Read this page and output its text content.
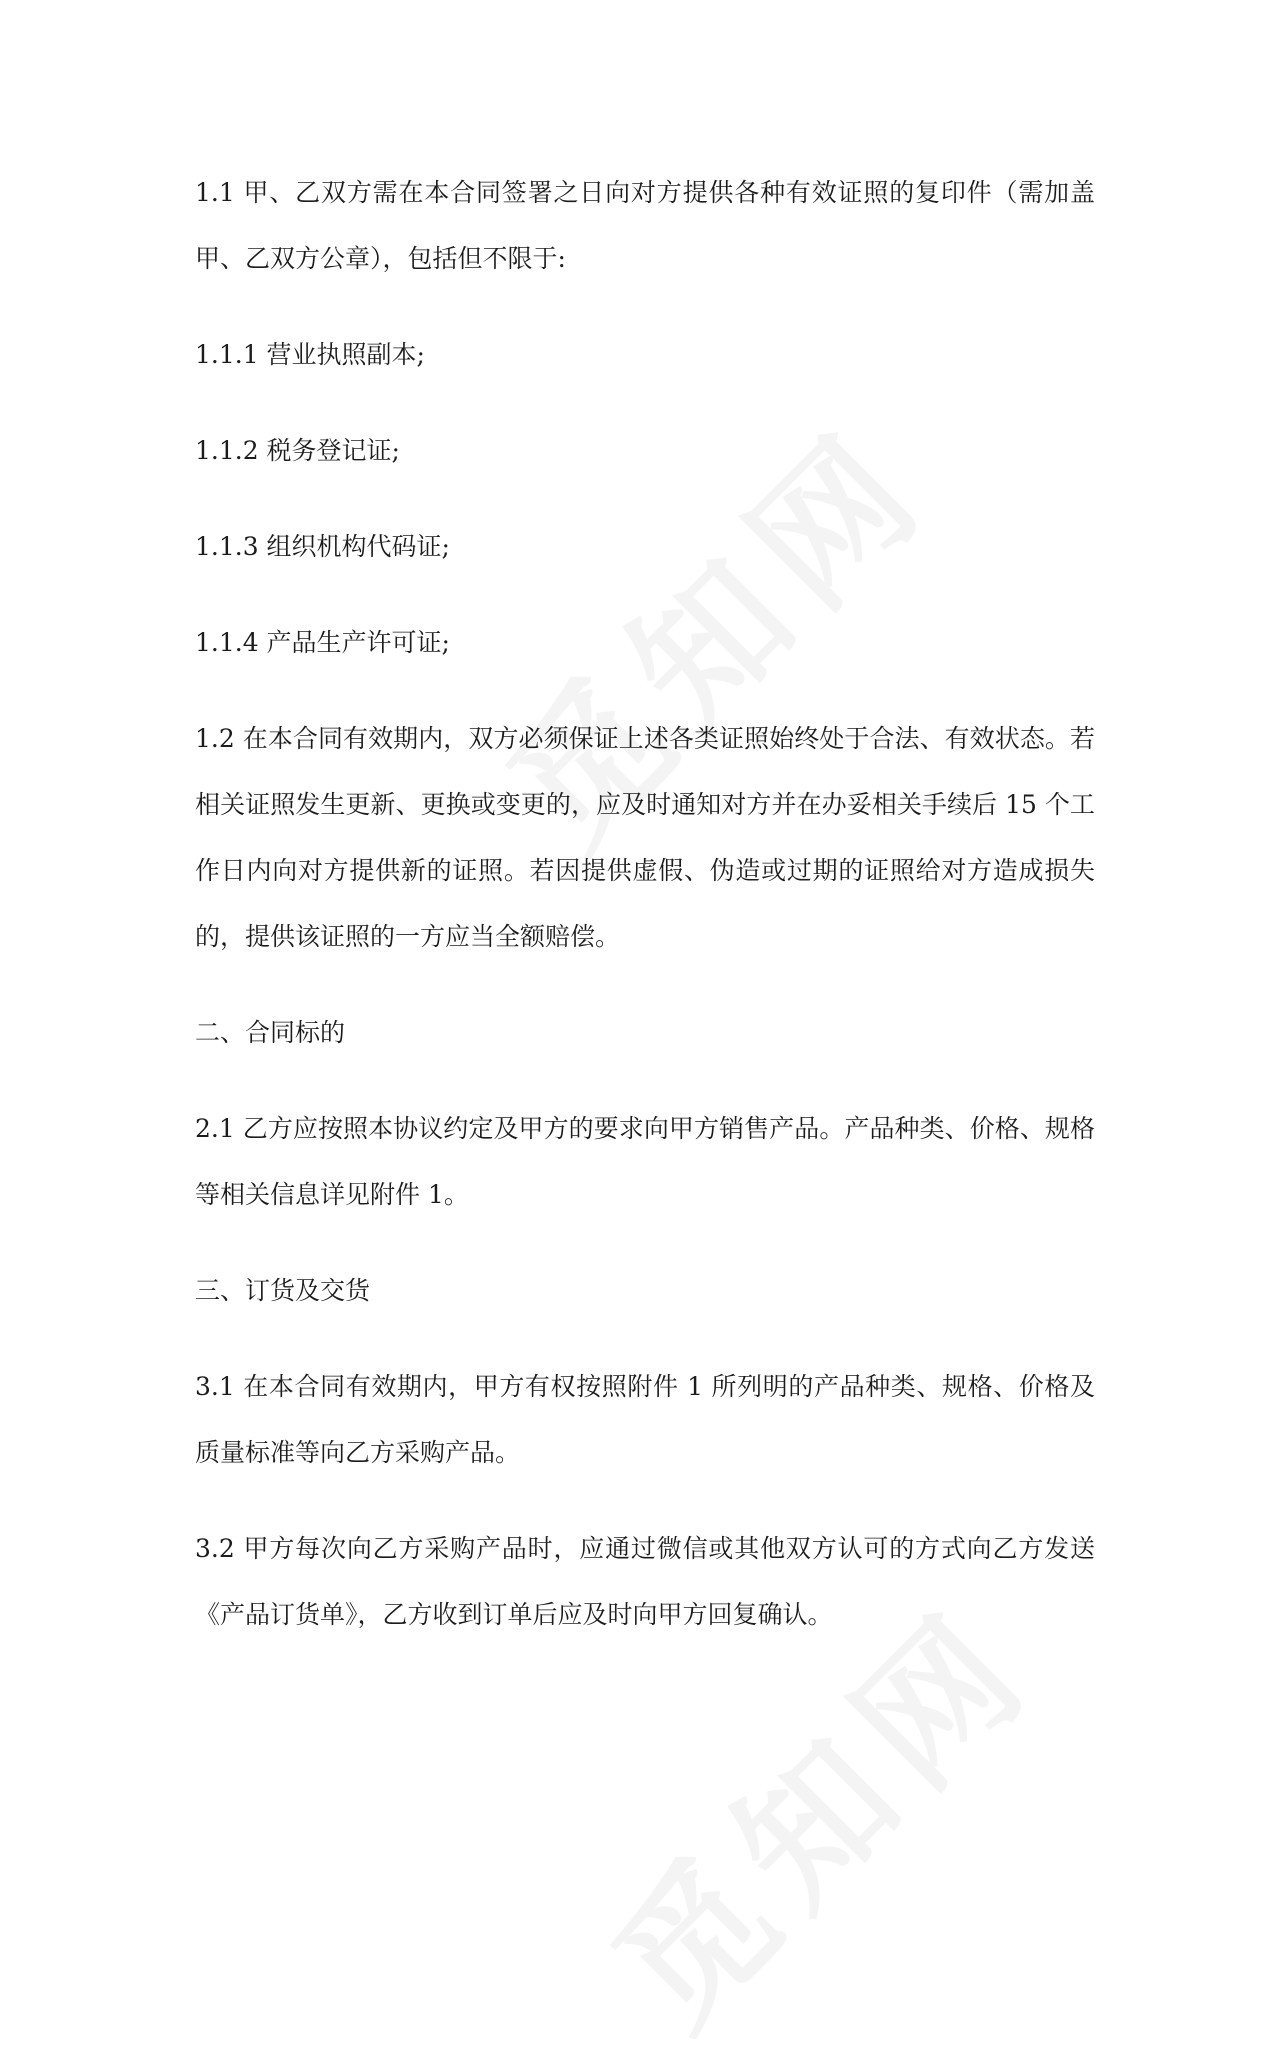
1.1 甲、乙双方需在本合同签署之日向对方提供各种有效证照的复印件（需加盖甲、乙双方公章），包括但不限于:

1.1.1 营业执照副本;

1.1.2 税务登记证;

1.1.3 组织机构代码证;

1.1.4 产品生产许可证;

1.2 在本合同有效期内，双方必须保证上述各类证照始终处于合法、有效状态。若相关证照发生更新、更换或变更的，应及时通知对方并在办妥相关手续后 15 个工作日内向对方提供新的证照。若因提供虚假、伪造或过期的证照给对方造成损失的，提供该证照的一方应当全额赔偿。

二、合同标的

2.1 乙方应按照本协议约定及甲方的要求向甲方销售产品。产品种类、价格、规格等相关信息详见附件 1。

三、订货及交货

3.1 在本合同有效期内，甲方有权按照附件 1 所列明的产品种类、规格、价格及质量标准等向乙方采购产品。

3.2 甲方每次向乙方采购产品时，应通过微信或其他双方认可的方式向乙方发送《产品订货单》，乙方收到订单后应及时向甲方回复确认。
